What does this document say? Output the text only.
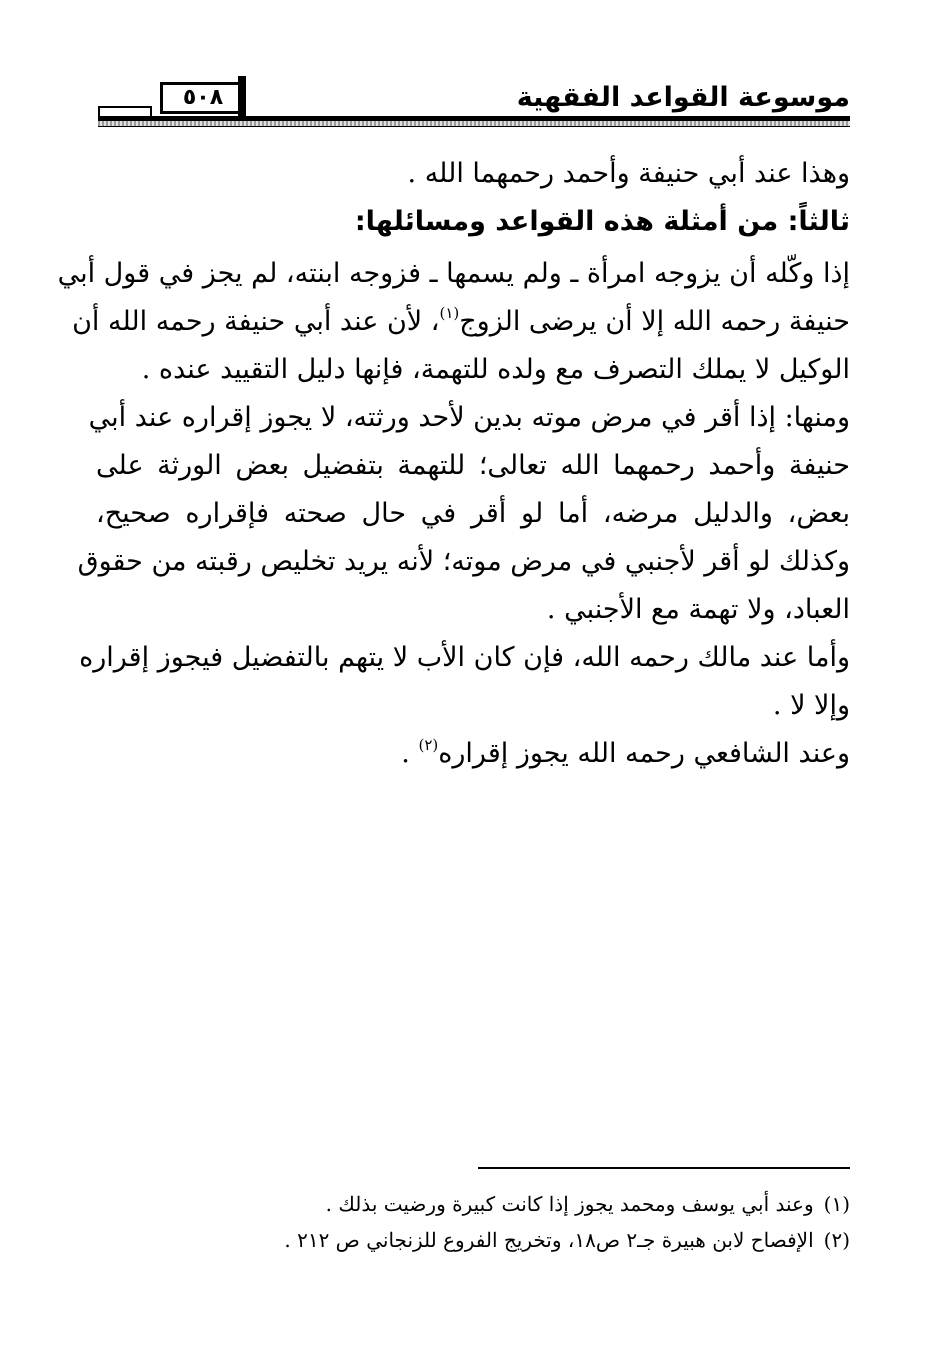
موسوعة القواعد الفقهية
٥٠٨
وهذا عند أبي حنيفة وأحمد رحمهما الله .
ثالثاً: من أمثلة هذه القواعد ومسائلها:
إذا وكّله أن يزوجه امرأة ـ ولم يسمها ـ فزوجه ابنته، لم يجز في قول أبي
حنيفة رحمه الله إلا أن يرضى الزوج$^{(١)}$، لأن عند أبي حنيفة رحمه الله أن
الوكيل لا يملك التصرف مع ولده للتهمة، فإنها دليل التقييد عنده .
ومنها: إذا أقر في مرض موته بدين لأحد ورثته، لا يجوز إقراره عند أبي
حنيفة وأحمد رحمهما الله تعالى؛ للتهمة بتفضيل بعض الورثة على
بعض، والدليل مرضه، أما لو أقر في حال صحته فإقراره صحيح،
وكذلك لو أقر لأجنبي في مرض موته؛ لأنه يريد تخليص رقبته من حقوق
العباد، ولا تهمة مع الأجنبي .
وأما عند مالك رحمه الله، فإن كان الأب لا يتهم بالتفضيل فيجوز إقراره
وإلا لا .
وعند الشافعي رحمه الله يجوز إقراره$^{(٢)}$ .
(١)وعند أبي يوسف ومحمد يجوز إذا كانت كبيرة ورضيت بذلك .
(٢)الإفصاح لابن هبيرة جـ٢ ص١٨، وتخريج الفروع للزنجاني ص ٢١٢ .
